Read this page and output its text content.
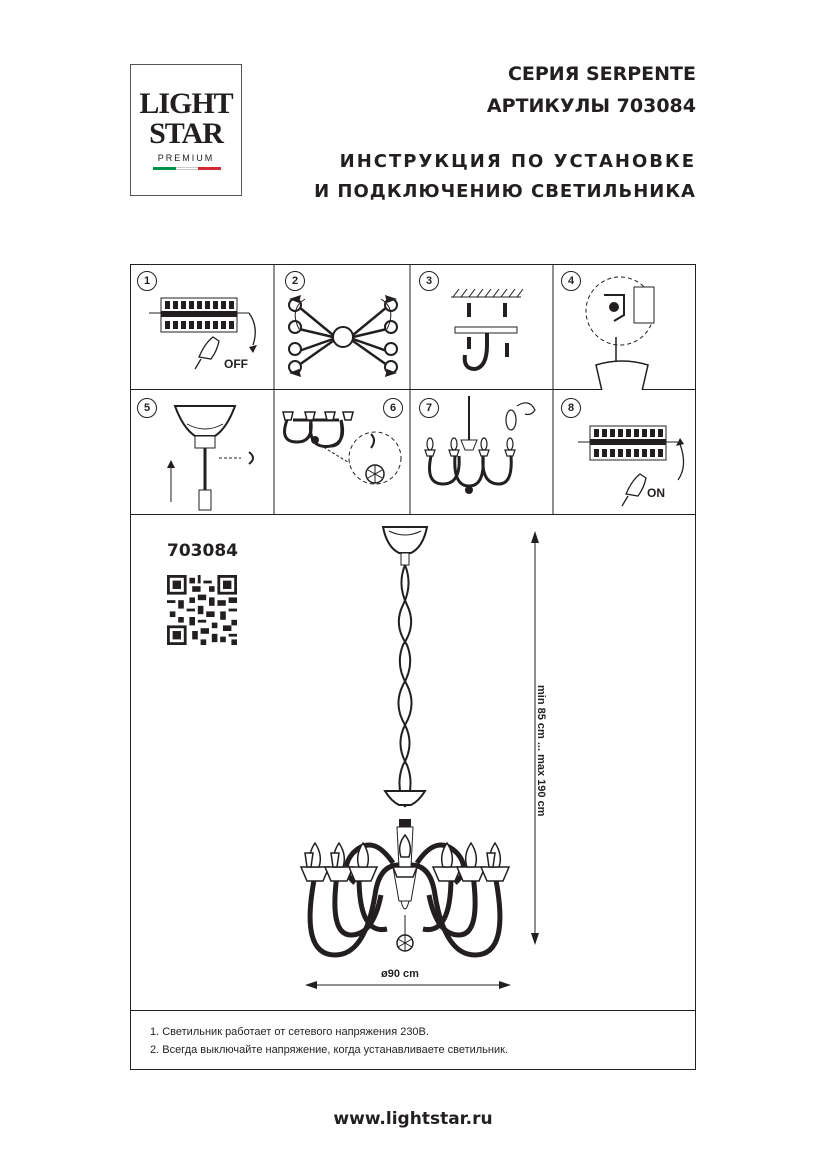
LIGHT
STAR
PREMIUM
СЕРИЯ SERPENTE
АРТИКУЛЫ 703084
ИНСТРУКЦИЯ ПО УСТАНОВКЕ
И ПОДКЛЮЧЕНИЮ СВЕТИЛЬНИКА
1
OFF
2	3	4
5	6	7	8
ON
703084
min 85 cm ... max 190 cm
ø90 cm
1. Светильник работает от сетевого напряжения 230В.
2. Всегда выключайте напряжение, когда устанавливаете светильник.
www.lightstar.ru
